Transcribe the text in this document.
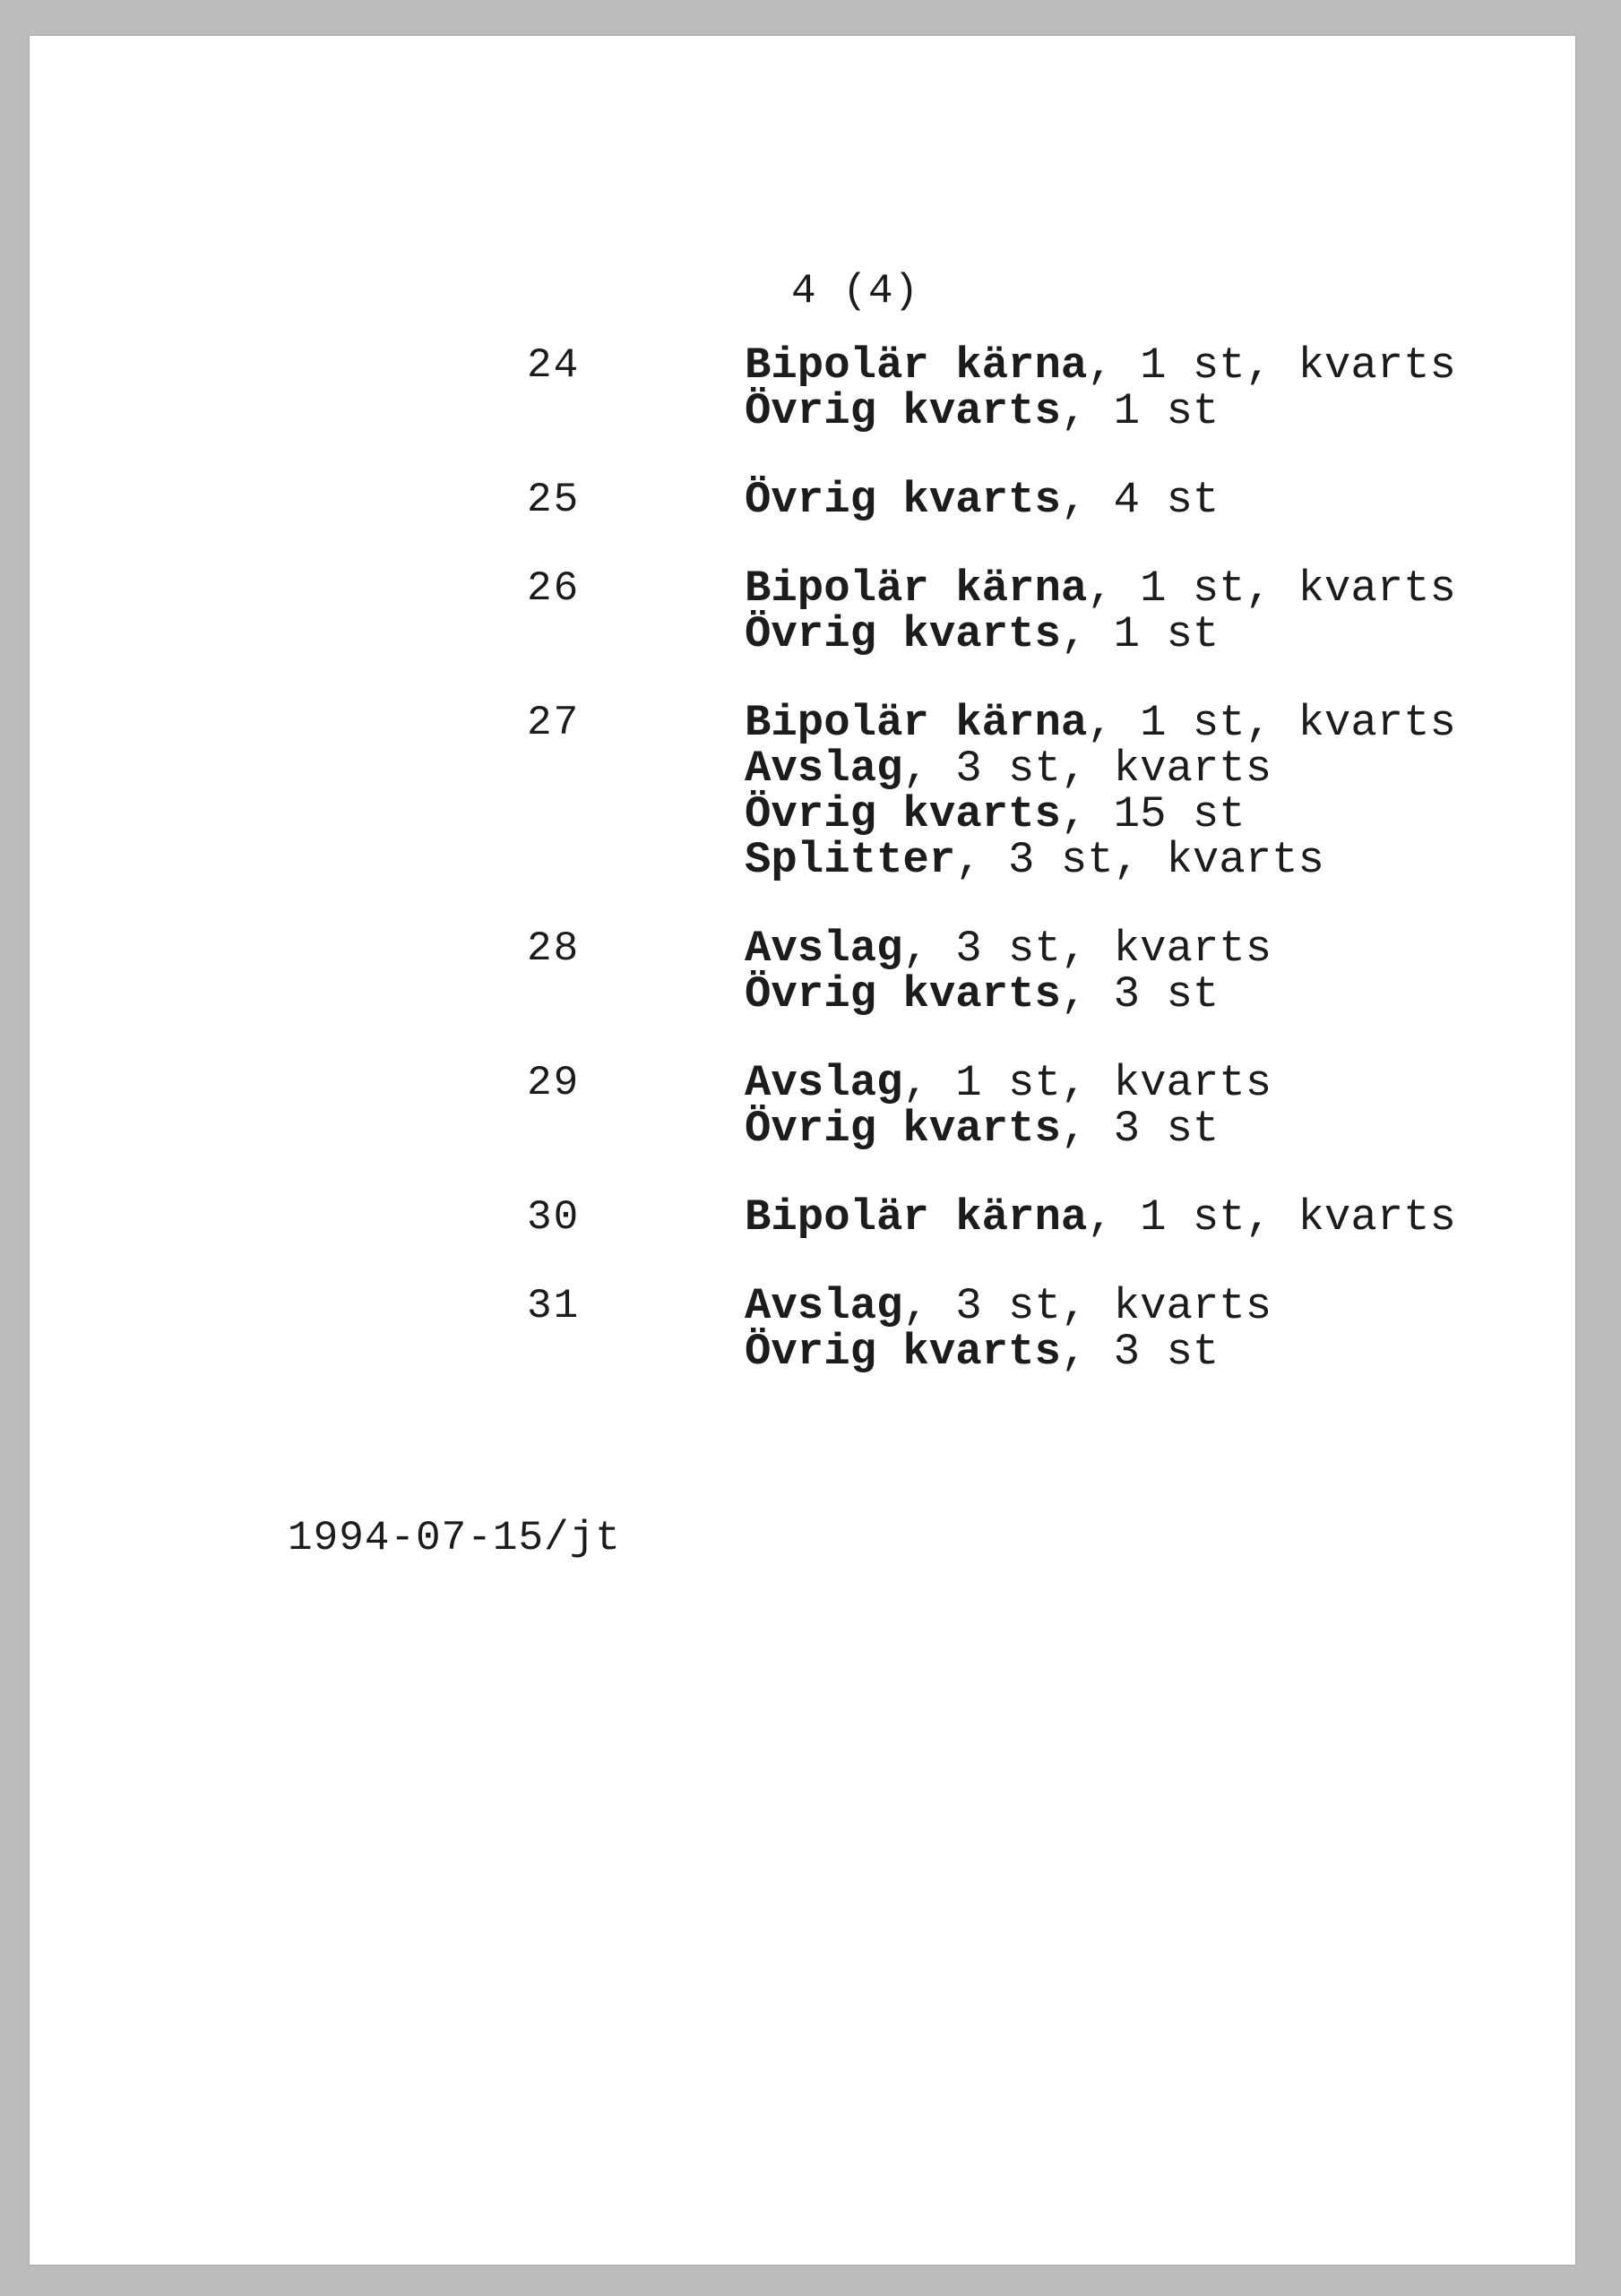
4 (4)
24	Bipolär kärna, 1 st, kvarts
Övrig kvarts, 1 st
25	Övrig kvarts, 4 st
26	Bipolär kärna, 1 st, kvarts
Övrig kvarts, 1 st
27	Bipolär kärna, 1 st, kvarts
Avslag, 3 st, kvarts
Övrig kvarts, 15 st
Splitter, 3 st, kvarts
28	Avslag, 3 st, kvarts
Övrig kvarts, 3 st
29	Avslag, 1 st, kvarts
Övrig kvarts, 3 st
30	Bipolär kärna, 1 st, kvarts
31	Avslag, 3 st, kvarts
Övrig kvarts, 3 st
1994-07-15/jt
